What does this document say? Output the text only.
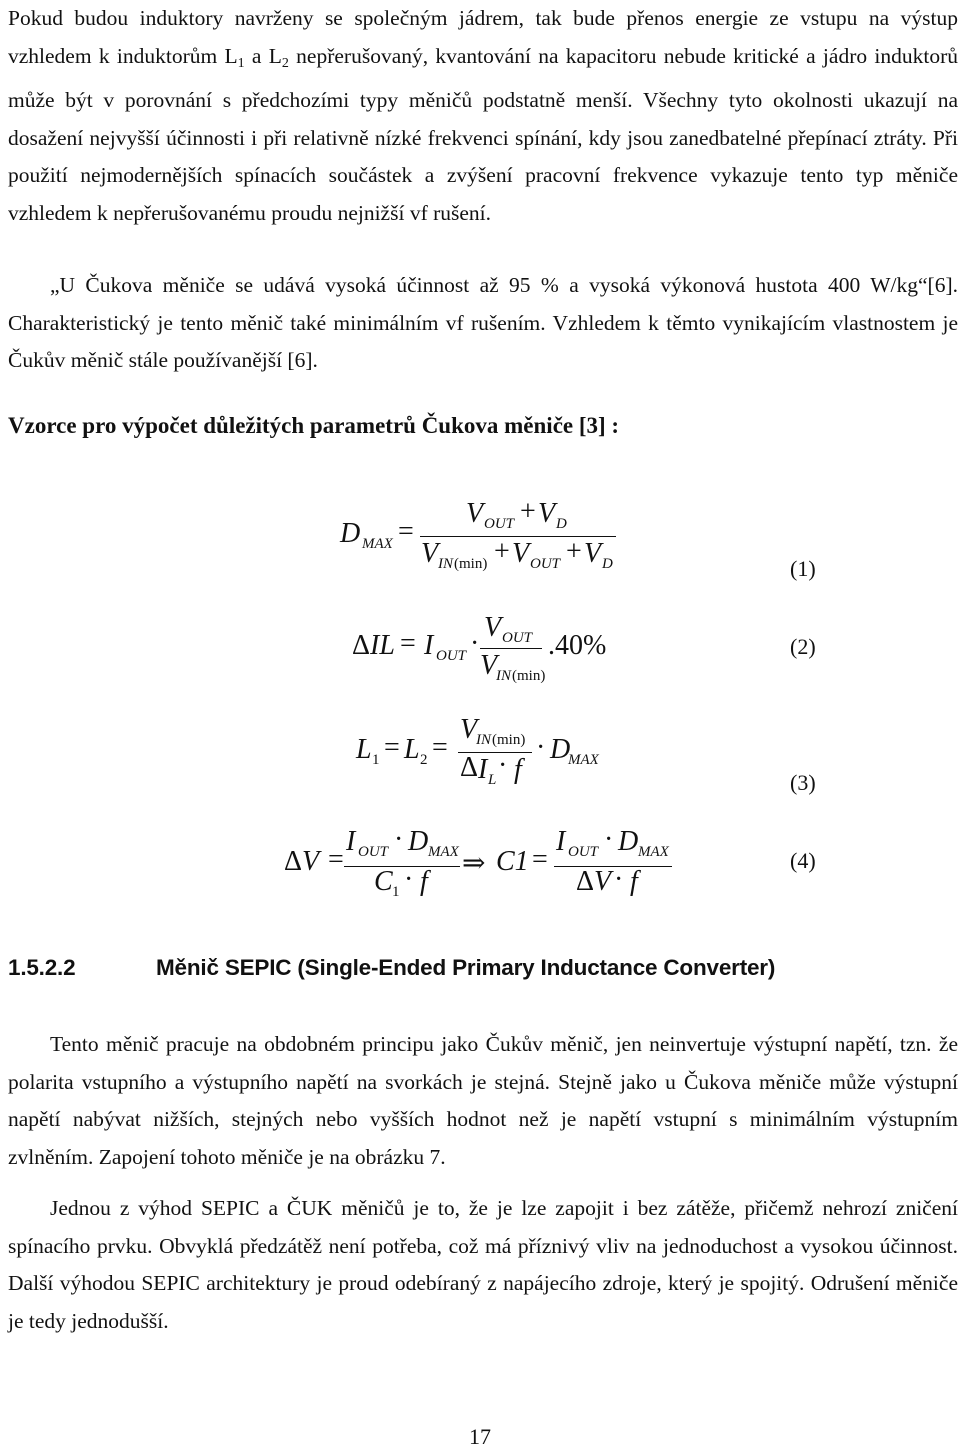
Pokud budou induktory navrženy se společným jádrem, tak bude přenos energie ze vstupu na výstup vzhledem k induktorům $L_1$ a $L_2$ nepřerušovaný, kvantování na kapacitoru nebude kritické a jádro induktorů může být v porovnání s předchozími typy měničů podstatně menší. Všechny tyto okolnosti ukazují na dosažení nejvyšší účinnosti i při relativně nízké frekvenci spínání, kdy jsou zanedbatelné přepínací ztráty. Při použití nejmodernějších spínacích součástek a zvýšení pracovní frekvence vykazuje tento typ měniče vzhledem k nepřerušovanému proudu nejnižší vf rušení.

„U Čukova měniče se udává vysoká účinnost až 95 % a vysoká výkonová hustota 400 W/kg“[6]. Charakteristický je tento měnič také minimálním vf rušením. Vzhledem k těmto vynikajícím vlastnostem je Čukův měnič stále používanější [6].

Vzorce pro výpočet důležitých parametrů Čukova měniče [3] :

D MAX =
V OUT + V D
V IN (min) + V OUT + V D	(1)
Δ IL = I OUT ·
V OUT
V
IN (min)
.40%	(2)
L 1 = L 2 =
V
IN (min)
Δ I L · f
· D
MAX
(3)
Δ V =
I OUT · D MAX
C 1 · f
⇒ C1 =
I OUT · D MAX
Δ V · f
(4)

1.5.2.2	Měnič SEPIC (Single-Ended Primary Inductance Converter)

Tento měnič pracuje na obdobném principu jako Čukův měnič, jen neinvertuje výstupní napětí, tzn. že polarita vstupního a výstupního napětí na svorkách je stejná. Stejně jako u Čukova měniče může výstupní napětí nabývat nižších, stejných nebo vyšších hodnot než je napětí vstupní s minimálním výstupním zvlněním. Zapojení tohoto měniče je na obrázku 7.

Jednou z výhod SEPIC a ČUK měničů je to, že je lze zapojit i bez zátěže, přičemž nehrozí zničení spínacího prvku. Obvyklá předzátěž není potřeba, což má příznivý vliv na jednoduchost a vysokou účinnost. Další výhodou SEPIC architektury je proud odebíraný z napájecího zdroje, který je spojitý. Odrušení měniče je tedy jednodušší.

17
